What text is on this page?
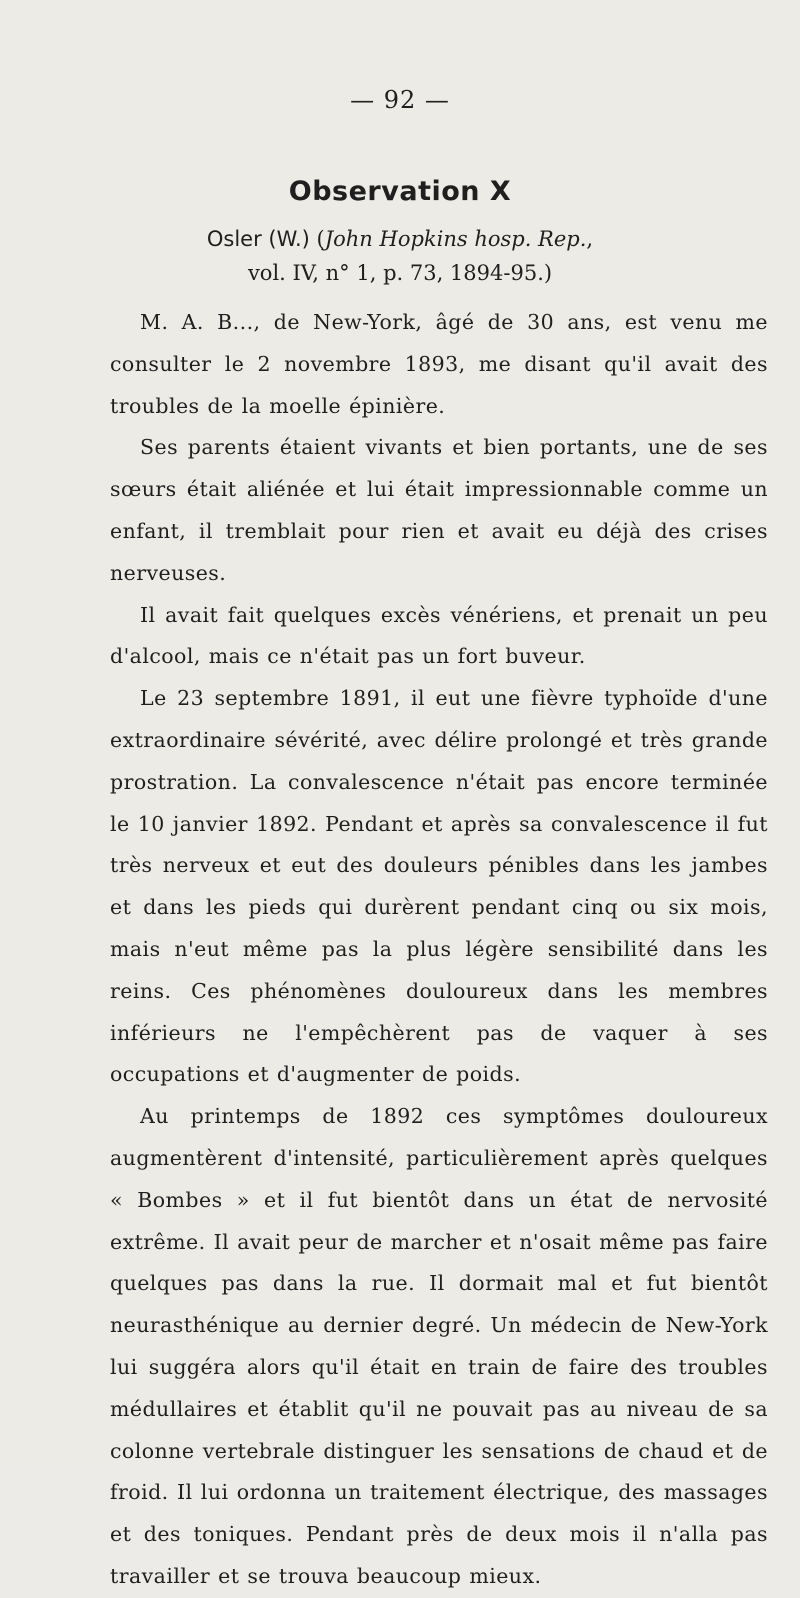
— 92 —
Observation X
Osler (W.) (John Hopkins hosp. Rep.,
vol. IV, n° 1, p. 73, 1894-95.)

M. A. B..., de New-York, âgé de 30 ans, est venu me consulter le 2 novembre 1893, me disant qu'il avait des troubles de la moelle épinière.

Ses parents étaient vivants et bien portants, une de ses sœurs était aliénée et lui était impressionnable comme un enfant, il tremblait pour rien et avait eu déjà des crises nerveuses.

Il avait fait quelques excès vénériens, et prenait un peu d'alcool, mais ce n'était pas un fort buveur.

Le 23 septembre 1891, il eut une fièvre typhoïde d'une extraordinaire sévérité, avec délire prolongé et très grande prostration. La convalescence n'était pas encore terminée le 10 janvier 1892. Pendant et après sa convalescence il fut très nerveux et eut des douleurs pénibles dans les jambes et dans les pieds qui durèrent pendant cinq ou six mois, mais n'eut même pas la plus légère sensibilité dans les reins. Ces phénomènes douloureux dans les membres inférieurs ne l'empêchèrent pas de vaquer à ses occupations et d'augmenter de poids.

Au printemps de 1892 ces symptômes douloureux augmentèrent d'intensité, particulièrement après quelques « Bombes » et il fut bientôt dans un état de nervosité extrême. Il avait peur de marcher et n'osait même pas faire quelques pas dans la rue. Il dormait mal et fut bientôt neurasthénique au dernier degré. Un médecin de New-York lui suggéra alors qu'il était en train de faire des troubles médullaires et établit qu'il ne pouvait pas au niveau de sa colonne vertebrale distinguer les sensations de chaud et de froid. Il lui ordonna un traitement électrique, des massages et des toniques. Pendant près de deux mois il n'alla pas travailler et se trouva beaucoup mieux.
